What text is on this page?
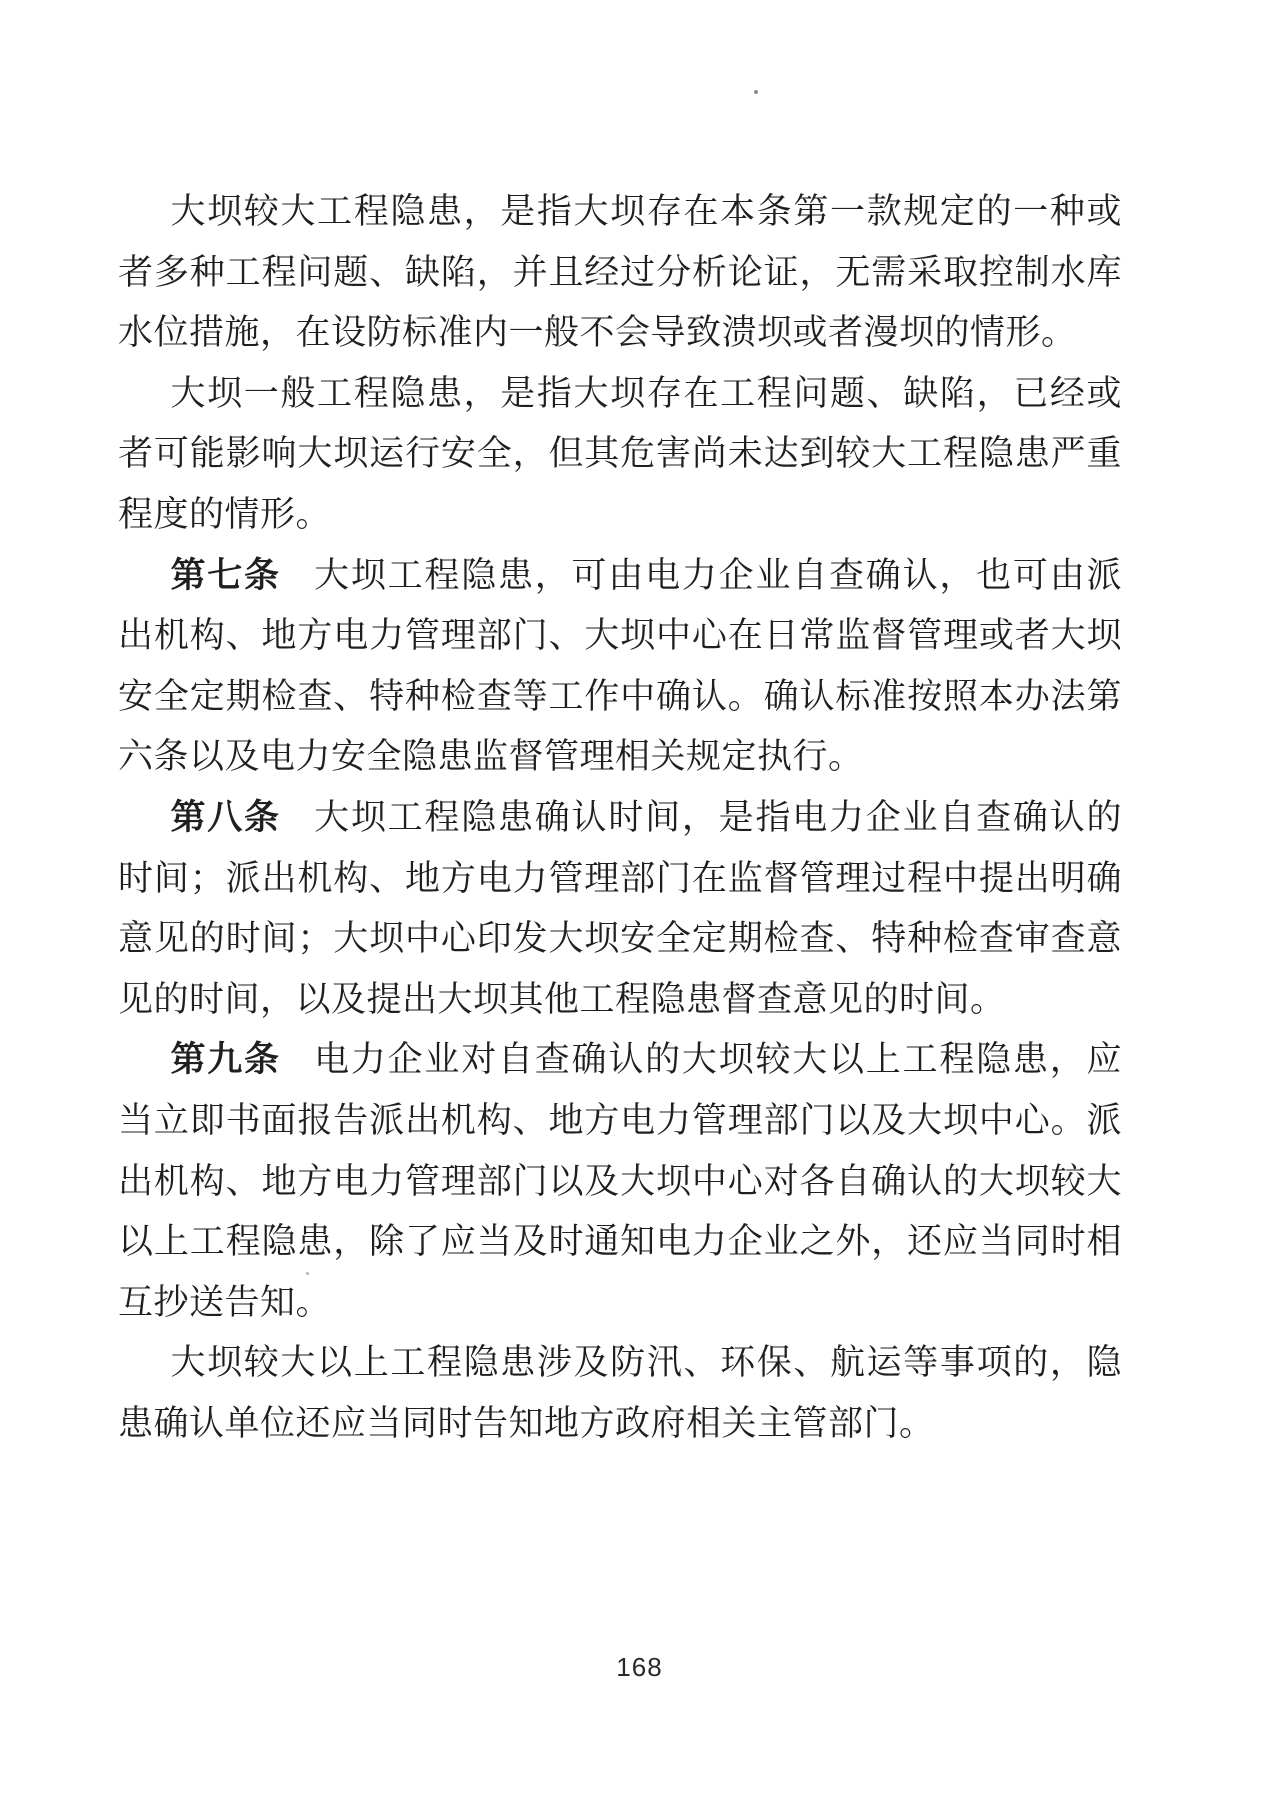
大坝较大工程隐患，是指大坝存在本条第一款规定的一种或者多种工程问题、缺陷，并且经过分析论证，无需采取控制水库水位措施，在设防标准内一般不会导致溃坝或者漫坝的情形。

大坝一般工程隐患，是指大坝存在工程问题、缺陷，已经或者可能影响大坝运行安全，但其危害尚未达到较大工程隐患严重程度的情形。

第七条 大坝工程隐患，可由电力企业自查确认，也可由派出机构、地方电力管理部门、大坝中心在日常监督管理或者大坝安全定期检查、特种检查等工作中确认。确认标准按照本办法第六条以及电力安全隐患监督管理相关规定执行。

第八条 大坝工程隐患确认时间，是指电力企业自查确认的时间；派出机构、地方电力管理部门在监督管理过程中提出明确意见的时间；大坝中心印发大坝安全定期检查、特种检查审查意见的时间，以及提出大坝其他工程隐患督查意见的时间。

第九条 电力企业对自查确认的大坝较大以上工程隐患，应当立即书面报告派出机构、地方电力管理部门以及大坝中心。派出机构、地方电力管理部门以及大坝中心对各自确认的大坝较大以上工程隐患，除了应当及时通知电力企业之外，还应当同时相互抄送告知。

大坝较大以上工程隐患涉及防汛、环保、航运等事项的，隐患确认单位还应当同时告知地方政府相关主管部门。

168
